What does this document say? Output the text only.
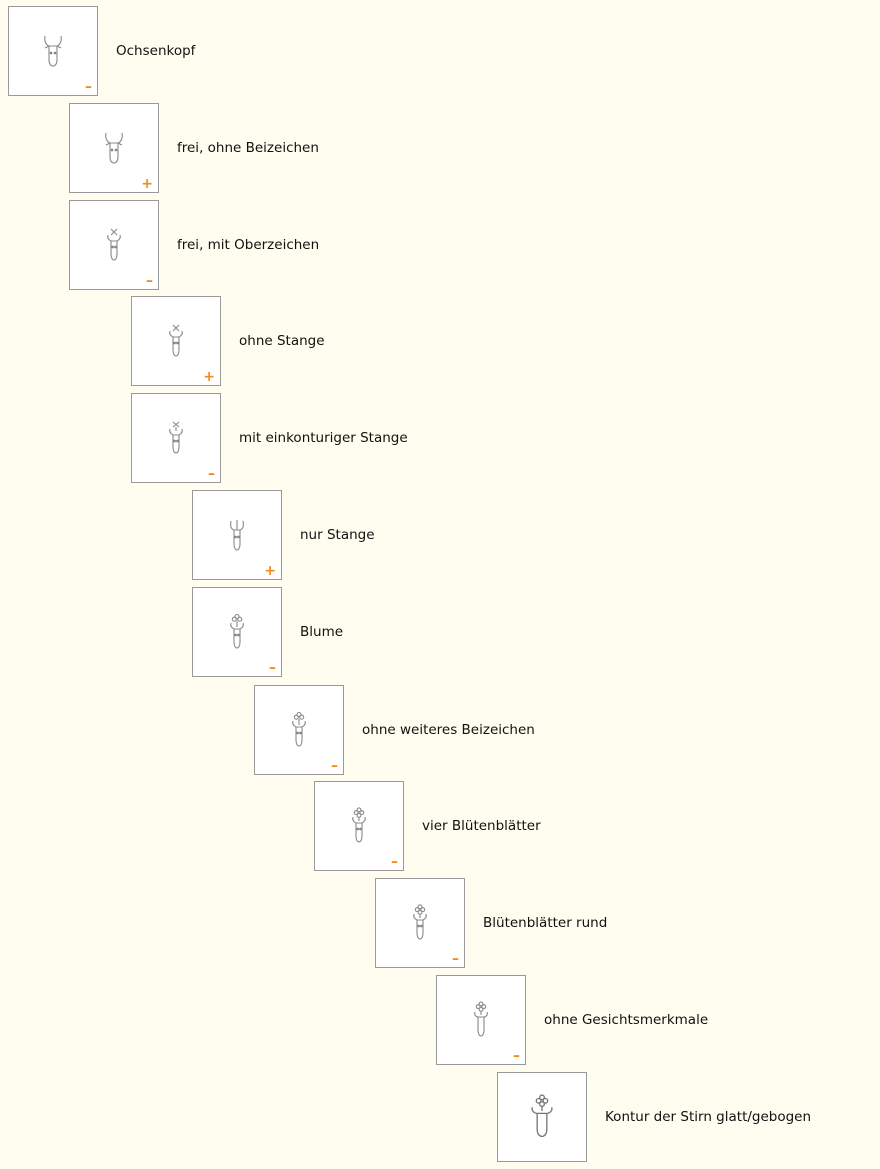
–
Ochsenkopf
+
frei, ohne Beizeichen
–
frei, mit Oberzeichen
+
ohne Stange
–
mit einkonturiger Stange
+
nur Stange
–
Blume
–
ohne weiteres Beizeichen
–
vier Blütenblätter
–
Blütenblätter rund
–
ohne Gesichtsmerkmale
Kontur der Stirn glatt/gebogen
